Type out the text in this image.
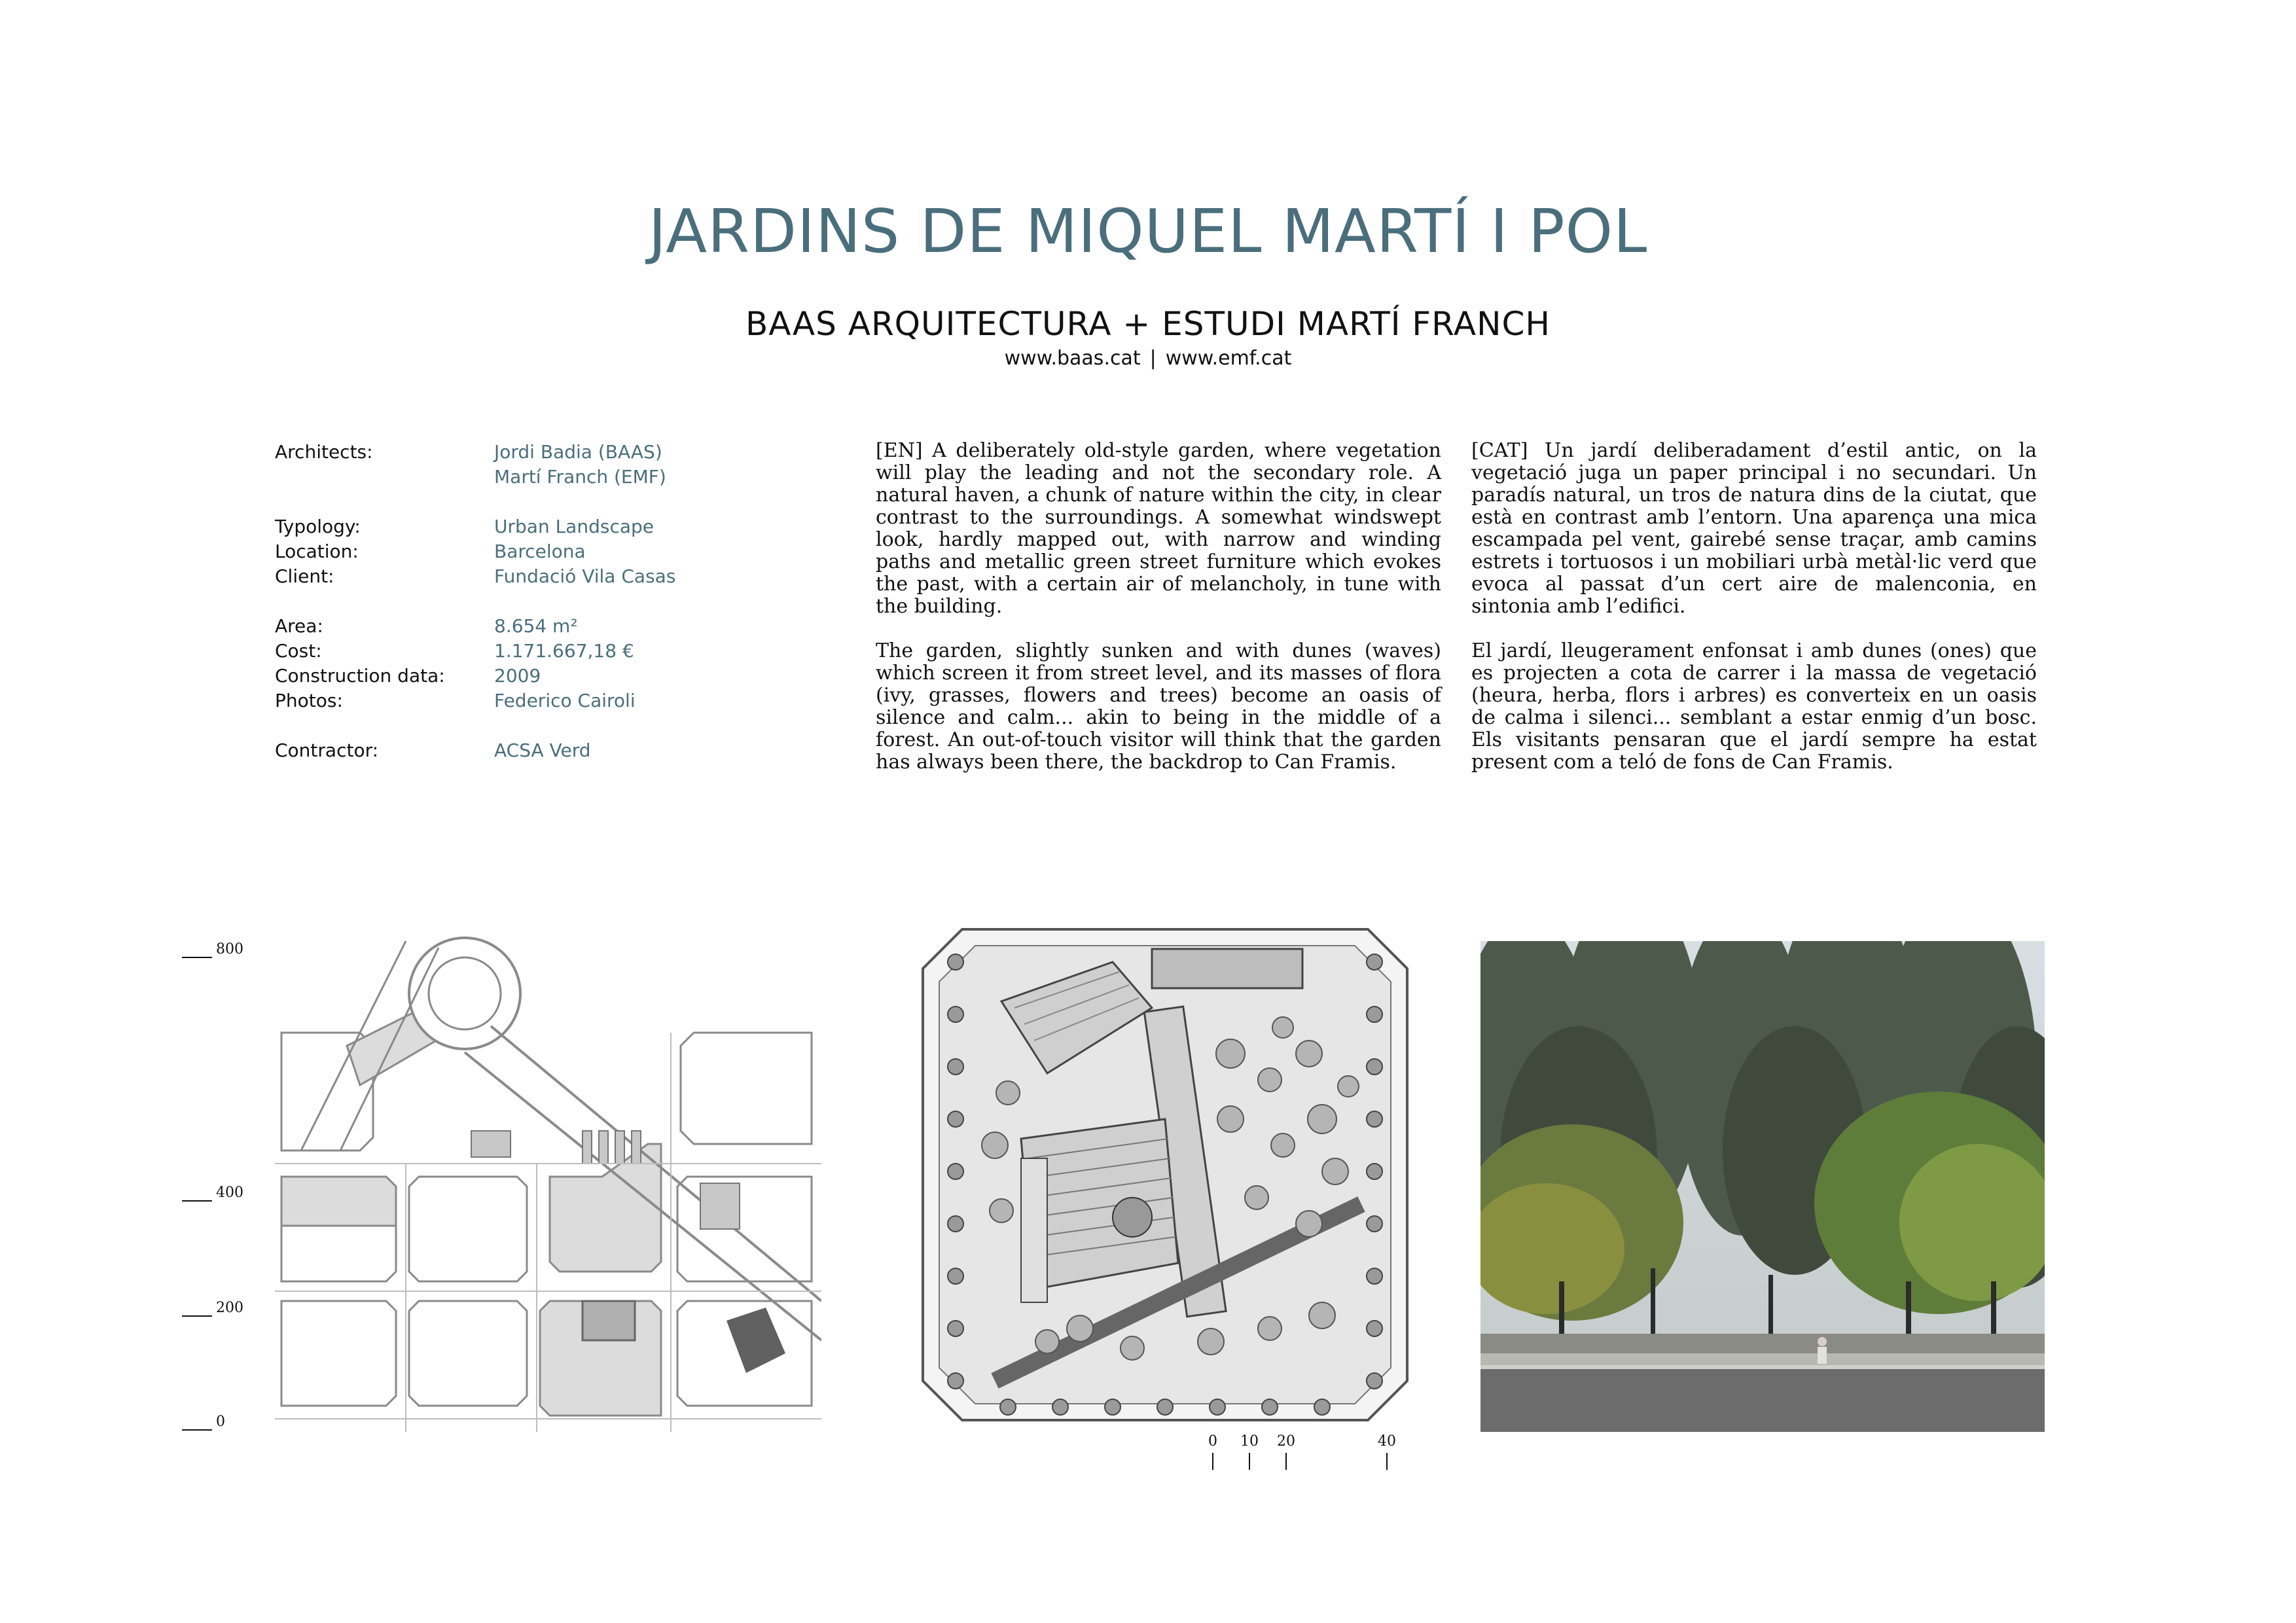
JARDINS DE MIQUEL MARTÍ I POL
BAAS ARQUITECTURA + ESTUDI MARTÍ FRANCH
www.baas.cat | www.emf.cat
Architects:	Jordi Badia (BAAS)
Martí Franch (EMF)
Typology:	Urban Landscape
Location:	Barcelona
Client:	Fundació Vila Casas
Area:	8.654 m²
Cost:	1.171.667,18 €
Construction data:	2009
Photos:	Federico Cairoli
Contractor:	ACSA Verd

[EN] A deliberately old-style garden, where vegetation will play the leading and not the secondary role. A natural haven, a chunk of nature within the city, in clear contrast to the surroundings. A somewhat windswept look, hardly mapped out, with narrow and winding paths and metallic green street furniture which evokes the past, with a certain air of melancholy, in tune with the building.

The garden, slightly sunken and with dunes (waves) which screen it from street level, and its masses of flora (ivy, grasses, flowers and trees) become an oasis of silence and calm... akin to being in the middle of a forest. An out-of-touch visitor will think that the garden has always been there, the backdrop to Can Framis.

[CAT] Un jardí deliberadament d’estil antic, on la vegetació juga un paper principal i no secundari. Un paradís natural, un tros de natura dins de la ciutat, que està en contrast amb l’entorn. Una aparença una mica escampada pel vent, gairebé sense traçar, amb camins estrets i tortuosos i un mobiliari urbà metàl·lic verd que evoca al passat d’un cert aire de malenconia, en sintonia amb l’edifici.

El jardí, lleugerament enfonsat i amb dunes (ones) que es projecten a cota de carrer i la massa de vegetació (heura, herba, flors i arbres) es converteix en un oasis de calma i silenci... semblant a estar enmig d’un bosc. Els visitants pensaran que el jardí sempre ha estat present com a teló de fons de Can Framis.

800
400
200
0
0 10 20	40
